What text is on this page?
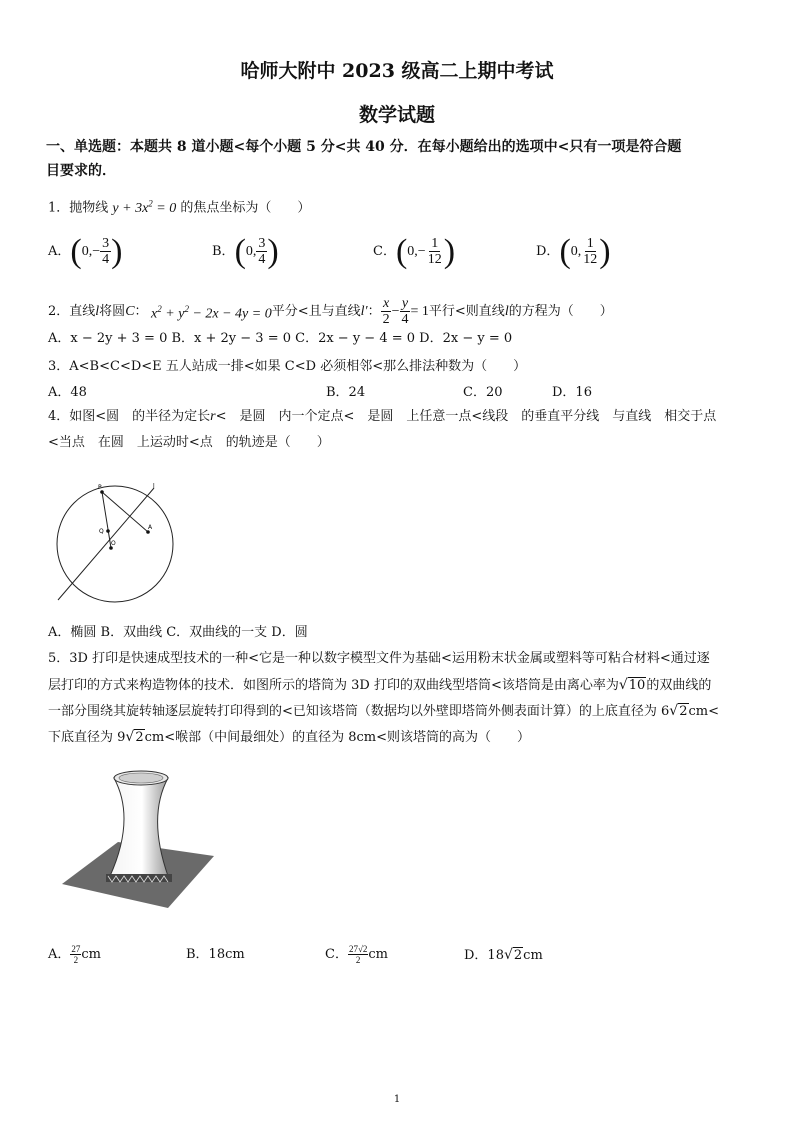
哈师大附中 2023 级高二上期中考试
数学试题
一、单选题：本题共 8 道小题<每个小题 5 分<共 40 分．在每小题给出的选项中<只有一项是符合题
目要求的．
1．抛物线 $y + 3x^2 = 0$ 的焦点坐标为（　　）
A． ( $0,- \frac{3}{4}$ )	B． ( 0, $\frac{3}{4}$ )	C． ( $0,- \frac{1}{12}$ )	D． ( 0, $\frac{1}{12}$ )
2．直线 l 将圆 C ： $x^2 + y^2 - 2x - 4y = 0$ 平分<且与直线 l′ ： $\frac{x}{2} - \frac{y}{4} = 1$ 平行<则直线 l 的方程为（　　）
A．x − 2y + 3 = 0 B．x + 2y − 3 = 0 C．2x − y − 4 = 0 D．2x − y = 0
3．A<B<C<D<E 五人站成一排<如果 C<D 必须相邻<那么排法种数为（　　）
A．48	B．24	C．20	D．16
4．如图<圆　的半径为定长r<　是圆　内一个定点<　是圆　上任意一点<线段　的垂直平分线　与直线　相交于点
<当点　在圆　上运动时<点　的轨迹是（　　）
P	l
Q
A
O
A．椭圆 B．双曲线 C．双曲线的一支 D．圆
5．3D 打印是快速成型技术的一种<它是一种以数字模型文件为基础<运用粉末状金属或塑料等可粘合材料<通过逐
层打印的方式来构造物体的技术．如图所示的塔筒为 3D 打印的双曲线型塔筒<该塔筒是由离心率为√10的双曲线的
一部分围绕其旋转轴逐层旋转打印得到的<已知该塔筒（数据均以外壁即塔筒外侧表面计算）的上底直径为 6√2cm<
下底直径为 9√2cm<喉部（中间最细处）的直径为 8cm<则该塔筒的高为（　　）
A． $\frac{27}{2}$ cm	B．18cm	C． $\frac{27√2}{2}$ cm	D．18√2cm
1
